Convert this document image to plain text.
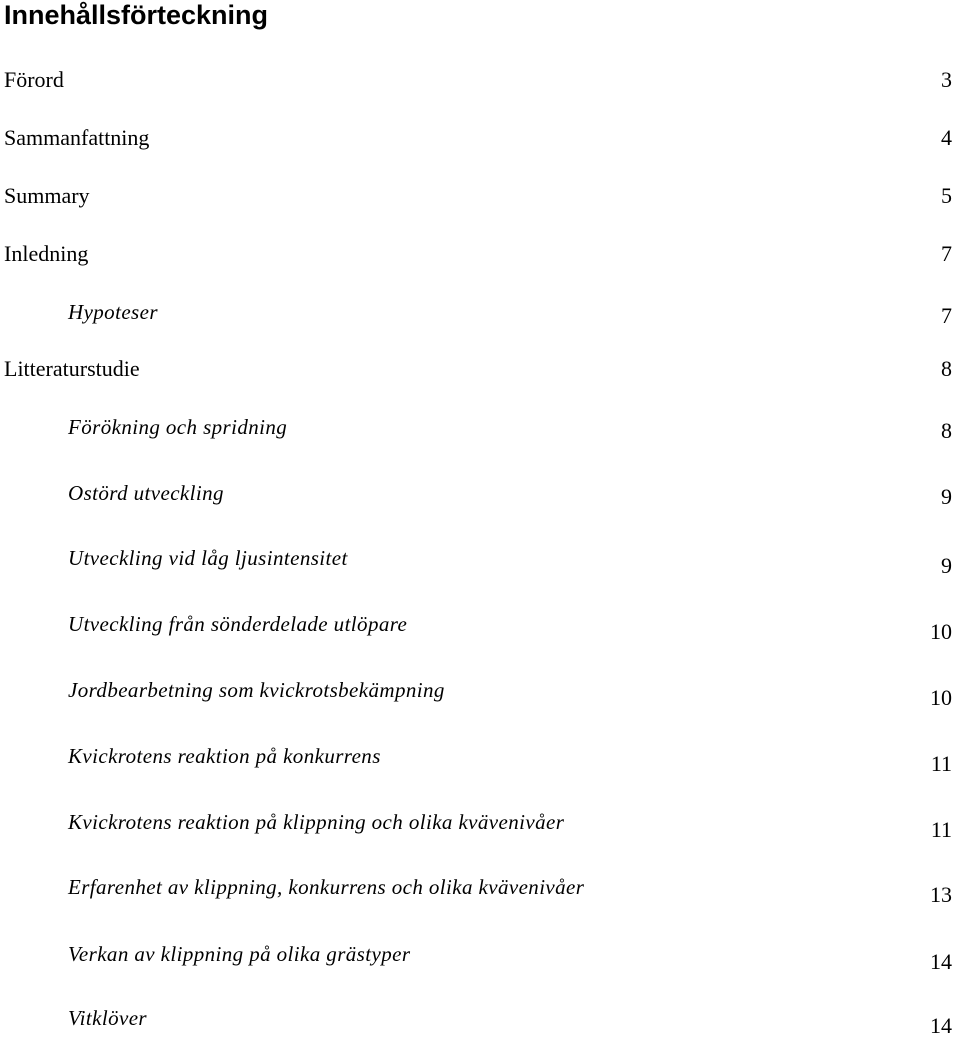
Innehållsförteckning
Förord	3
Sammanfattning	4
Summary	5
Inledning	7
Hypoteser	7
Litteraturstudie	8
Förökning och spridning	8
Ostörd utveckling	9
Utveckling vid låg ljusintensitet	9
Utveckling från sönderdelade utlöpare	10
Jordbearbetning som kvickrotsbekämpning	10
Kvickrotens reaktion på konkurrens	11
Kvickrotens reaktion på klippning och olika kvävenivåer	11
Erfarenhet av klippning, konkurrens och olika kvävenivåer	13
Verkan av klippning på olika grästyper	14
Vitklöver	14
